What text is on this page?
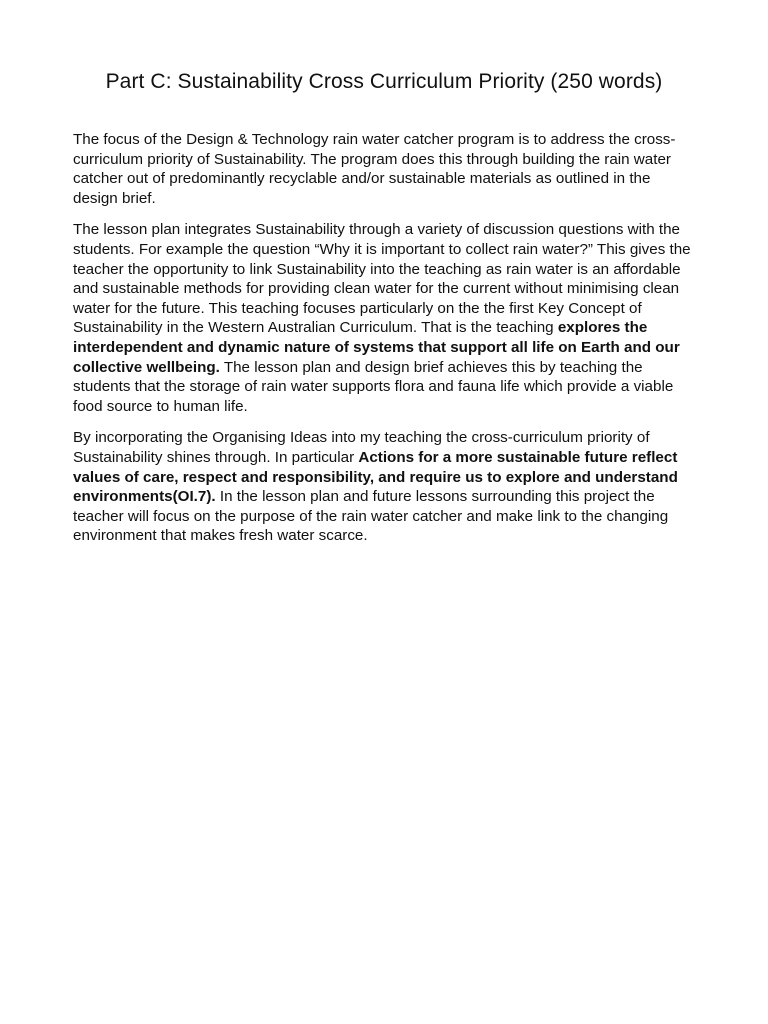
Part C: Sustainability Cross Curriculum Priority (250 words)

The focus of the Design & Technology rain water catcher program is to address the cross-curriculum priority of Sustainability. The program does this through building the rain water catcher out of predominantly recyclable and/or sustainable materials as outlined in the design brief.

The lesson plan integrates Sustainability through a variety of discussion questions with the students. For example the question “Why it is important to collect rain water?” This gives the teacher the opportunity to link Sustainability into the teaching as rain water is an affordable and sustainable methods for providing clean water for the current without minimising clean water for the future. This teaching focuses particularly on the the first Key Concept of Sustainability in the Western Australian Curriculum. That is the teaching explores the interdependent and dynamic nature of systems that support all life on Earth and our collective wellbeing. The lesson plan and design brief achieves this by teaching the students that the storage of rain water supports flora and fauna life which provide a viable food source to human life.

By incorporating the Organising Ideas into my teaching the cross-curriculum priority of Sustainability shines through. In particular Actions for a more sustainable future reflect values of care, respect and responsibility, and require us to explore and understand environments(OI.7). In the lesson plan and future lessons surrounding this project the teacher will focus on the purpose of the rain water catcher and make link to the changing environment that makes fresh water scarce.
